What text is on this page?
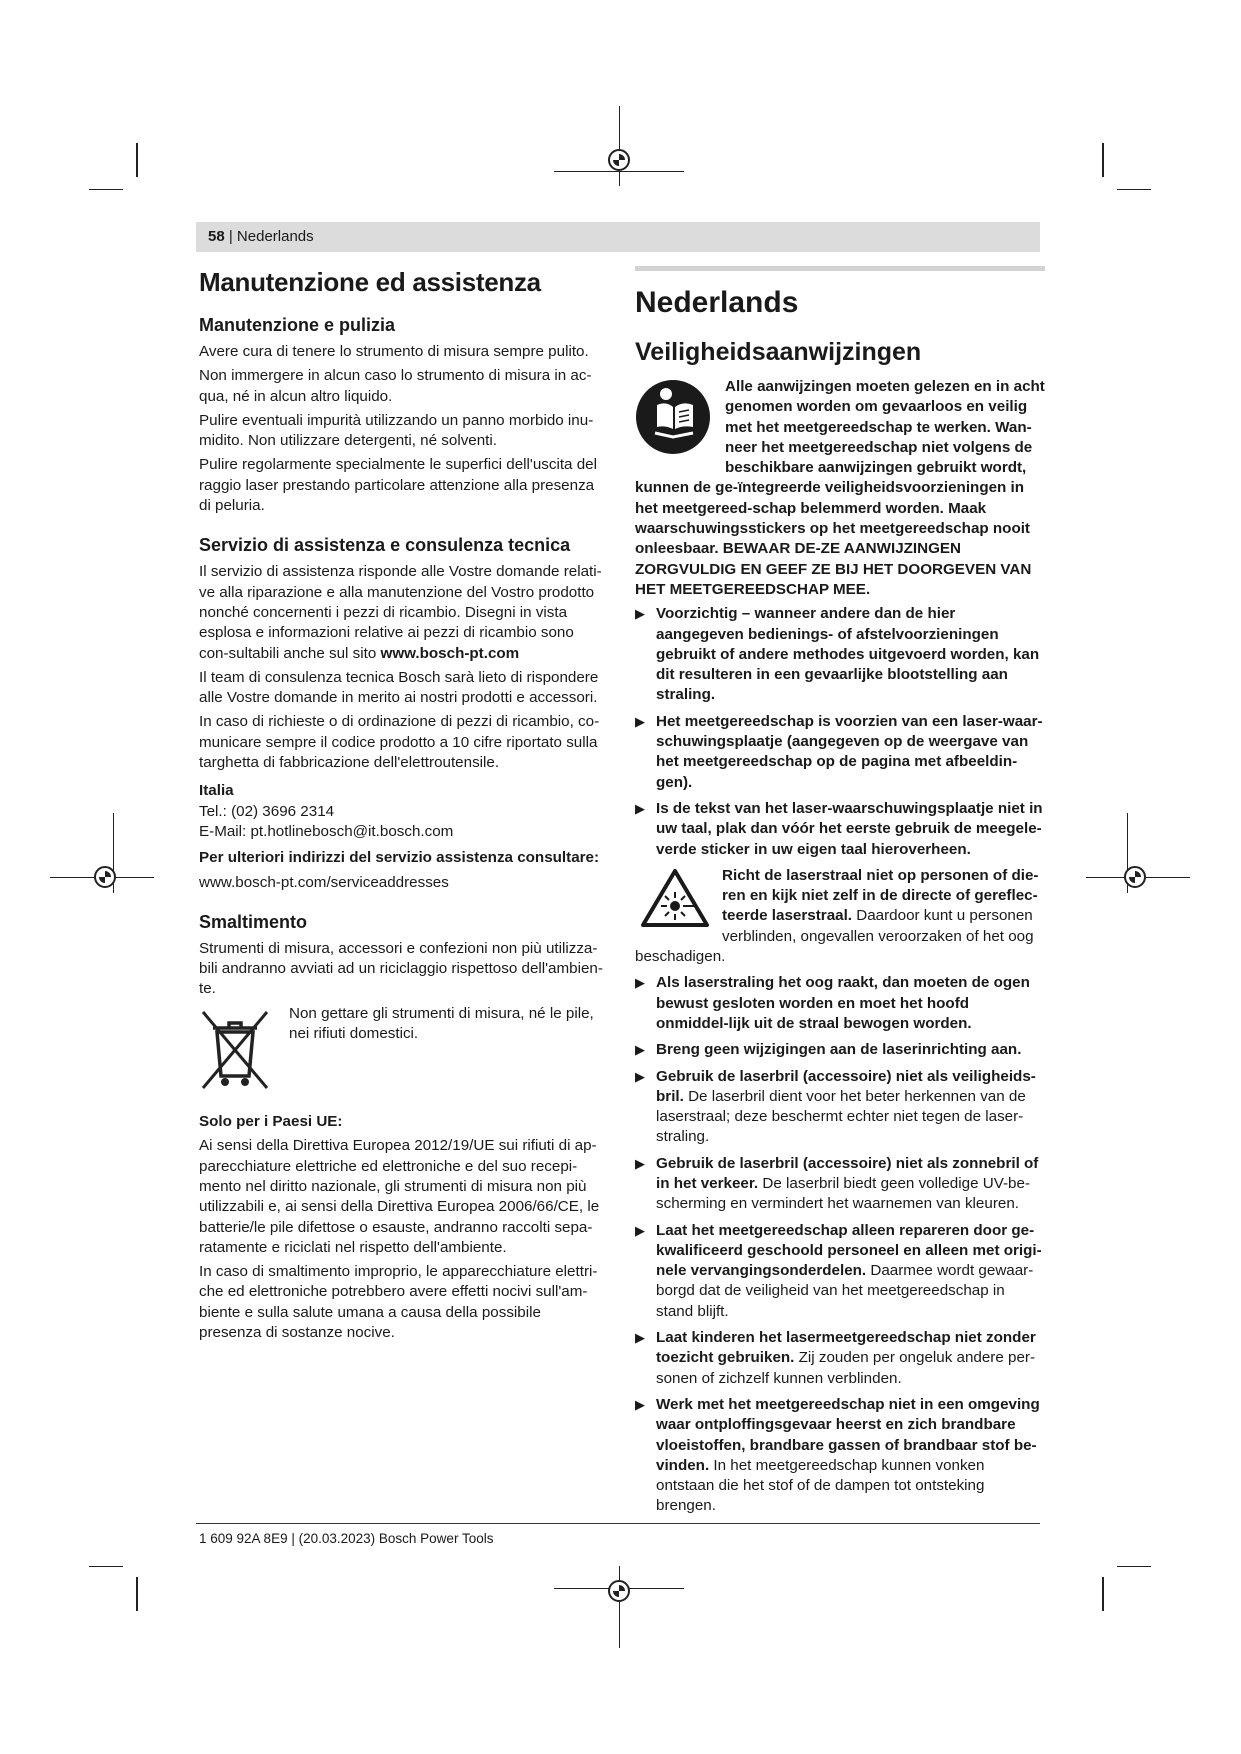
58 | Nederlands
Manutenzione ed assistenza
Manutenzione e pulizia

Avere cura di tenere lo strumento di misura sempre pulito.

Non immergere in alcun caso lo strumento di misura in ac-qua, né in alcun altro liquido.

Pulire eventuali impurità utilizzando un panno morbido inu-midito. Non utilizzare detergenti, né solventi.

Pulire regolarmente specialmente le superfici dell'uscita del raggio laser prestando particolare attenzione alla presenza di peluria.

Servizio di assistenza e consulenza tecnica

Il servizio di assistenza risponde alle Vostre domande relati-ve alla riparazione e alla manutenzione del Vostro prodotto nonché concernenti i pezzi di ricambio. Disegni in vista esplosa e informazioni relative ai pezzi di ricambio sono con-sultabili anche sul sito www.bosch-pt.com

Il team di consulenza tecnica Bosch sarà lieto di rispondere alle Vostre domande in merito ai nostri prodotti e accessori.

In caso di richieste o di ordinazione di pezzi di ricambio, co-municare sempre il codice prodotto a 10 cifre riportato sulla targhetta di fabbricazione dell'elettroutensile.

Italia

Tel.: (02) 3696 2314

E-Mail: pt.hotlinebosch@it.bosch.com

Per ulteriori indirizzi del servizio assistenza consultare:

www.bosch-pt.com/serviceaddresses

Smaltimento

Strumenti di misura, accessori e confezioni non più utilizza-bili andranno avviati ad un riciclaggio rispettoso dell'ambien-te.

Non gettare gli strumenti di misura, né le pile, nei rifiuti domestici.

Solo per i Paesi UE:

Ai sensi della Direttiva Europea 2012/19/UE sui rifiuti di ap-parecchiature elettriche ed elettroniche e del suo recepi-mento nel diritto nazionale, gli strumenti di misura non più utilizzabili e, ai sensi della Direttiva Europea 2006/66/CE, le batterie/le pile difettose o esauste, andranno raccolti sepa-ratamente e riciclati nel rispetto dell'ambiente.

In caso di smaltimento improprio, le apparecchiature elettri-che ed elettroniche potrebbero avere effetti nocivi sull'am-biente e sulla salute umana a causa della possibile presenza di sostanze nocive.

Nederlands
Veiligheidsaanwijzingen
Alle aanwijzingen moeten gelezen en in acht genomen worden om gevaarloos en veilig met het meetgereedschap te werken. Wan-neer het meetgereedschap niet volgens de beschikbare aanwijzingen gebruikt wordt, kunnen de ge-ïntegreerde veiligheidsvoorzieningen in het meetgereed-schap belemmerd worden. Maak waarschuwingsstickers op het meetgereedschap nooit onleesbaar. BEWAAR DE-ZE AANWIJZINGEN ZORGVULDIG EN GEEF ZE BIJ HET DOORGEVEN VAN HET MEETGEREEDSCHAP MEE.
▶ Voorzichtig – wanneer andere dan de hier aangegeven bedienings- of afstelvoorzieningen gebruikt of andere methodes uitgevoerd worden, kan dit resulteren in een gevaarlijke blootstelling aan straling.
▶ Het meetgereedschap is voorzien van een laser-waar-schuwingsplaatje (aangegeven op de weergave van het meetgereedschap op de pagina met afbeeldin-gen).
▶ Is de tekst van het laser-waarschuwingsplaatje niet in uw taal, plak dan vóór het eerste gebruik de meegele-verde sticker in uw eigen taal hieroverheen.
Richt de laserstraal niet op personen of die-ren en kijk niet zelf in de directe of gereflec-teerde laserstraal. Daardoor kunt u personen verblinden, ongevallen veroorzaken of het oog beschadigen.
▶ Als laserstraling het oog raakt, dan moeten de ogen bewust gesloten worden en moet het hoofd onmiddel-lijk uit de straal bewogen worden.
▶ Breng geen wijzigingen aan de laserinrichting aan.
▶ Gebruik de laserbril (accessoire) niet als veiligheids-bril. De laserbril dient voor het beter herkennen van de laserstraal; deze beschermt echter niet tegen de laser-straling.
▶ Gebruik de laserbril (accessoire) niet als zonnebril of in het verkeer. De laserbril biedt geen volledige UV-be-scherming en vermindert het waarnemen van kleuren.
▶ Laat het meetgereedschap alleen repareren door ge-kwalificeerd geschoold personeel en alleen met origi-nele vervangingsonderdelen. Daarmee wordt gewaar-borgd dat de veiligheid van het meetgereedschap in stand blijft.
▶ Laat kinderen het lasermeetgereedschap niet zonder toezicht gebruiken. Zij zouden per ongeluk andere per-sonen of zichzelf kunnen verblinden.
▶ Werk met het meetgereedschap niet in een omgeving waar ontploffingsgevaar heerst en zich brandbare vloeistoffen, brandbare gassen of brandbaar stof be-vinden. In het meetgereedschap kunnen vonken ontstaan die het stof of de dampen tot ontsteking brengen.
1 609 92A 8E9 | (20.03.2023) Bosch Power Tools
